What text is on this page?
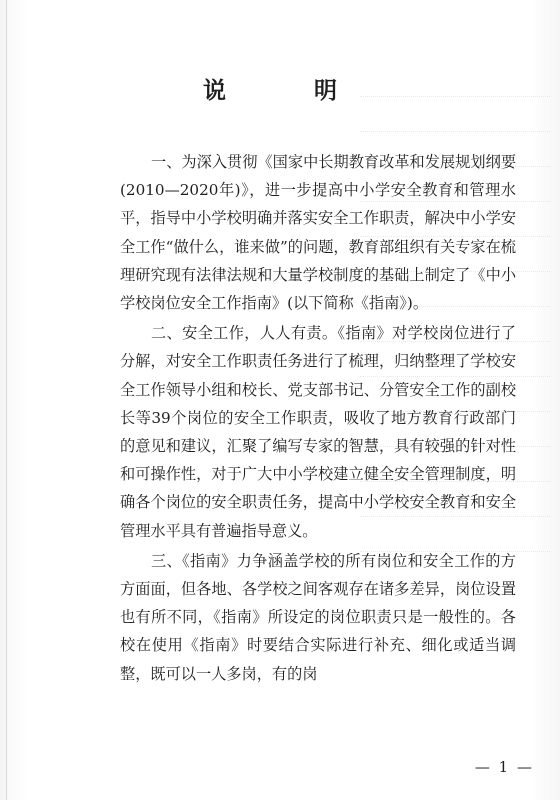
说 明

一、为深入贯彻《国家中长期教育改革和发展规划纲要(2010—2020年)》，进一步提高中小学安全教育和管理水平，指导中小学校明确并落实安全工作职责，解决中小学安全工作“做什么，谁来做”的问题，教育部组织有关专家在梳理研究现有法律法规和大量学校制度的基础上制定了《中小学校岗位安全工作指南》(以下简称《指南》)。

二、安全工作，人人有责。《指南》对学校岗位进行了分解，对安全工作职责任务进行了梳理，归纳整理了学校安全工作领导小组和校长、党支部书记、分管安全工作的副校长等39个岗位的安全工作职责，吸收了地方教育行政部门的意见和建议，汇聚了编写专家的智慧，具有较强的针对性和可操作性，对于广大中小学校建立健全安全管理制度，明确各个岗位的安全职责任务，提高中小学校安全教育和安全管理水平具有普遍指导意义。

三、《指南》力争涵盖学校的所有岗位和安全工作的方方面面，但各地、各学校之间客观存在诸多差异，岗位设置也有所不同，《指南》所设定的岗位职责只是一般性的。各校在使用《指南》时要结合实际进行补充、细化或适当调整，既可以一人多岗，有的岗

— 1 —
